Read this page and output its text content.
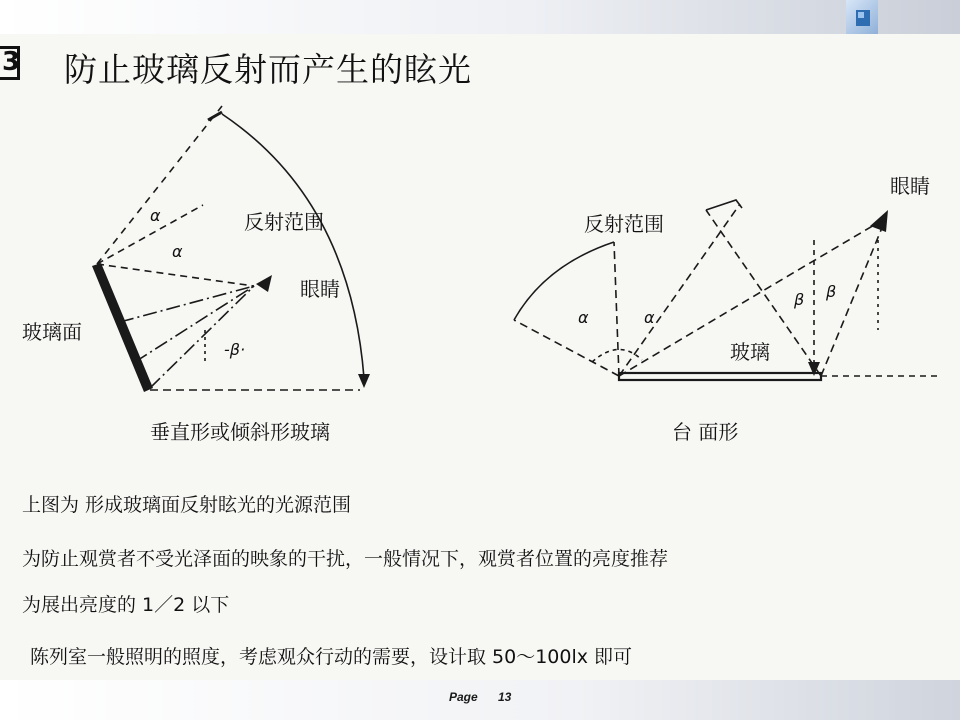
3 防止玻璃反射而产生的眩光
反射范围
眼睛
玻璃面
α
α
-β·
垂直形或倾斜形玻璃
反射范围
眼睛
玻璃
α	α
β β
台 面形
上图为 形成玻璃面反射眩光的光源范围
为防止观赏者不受光泽面的映象的干扰，一般情况下，观赏者位置的亮度推荐
为展出亮度的 1／2 以下
陈列室一般照明的照度，考虑观众行动的需要，设计取 50～100lx 即可
Page 13
